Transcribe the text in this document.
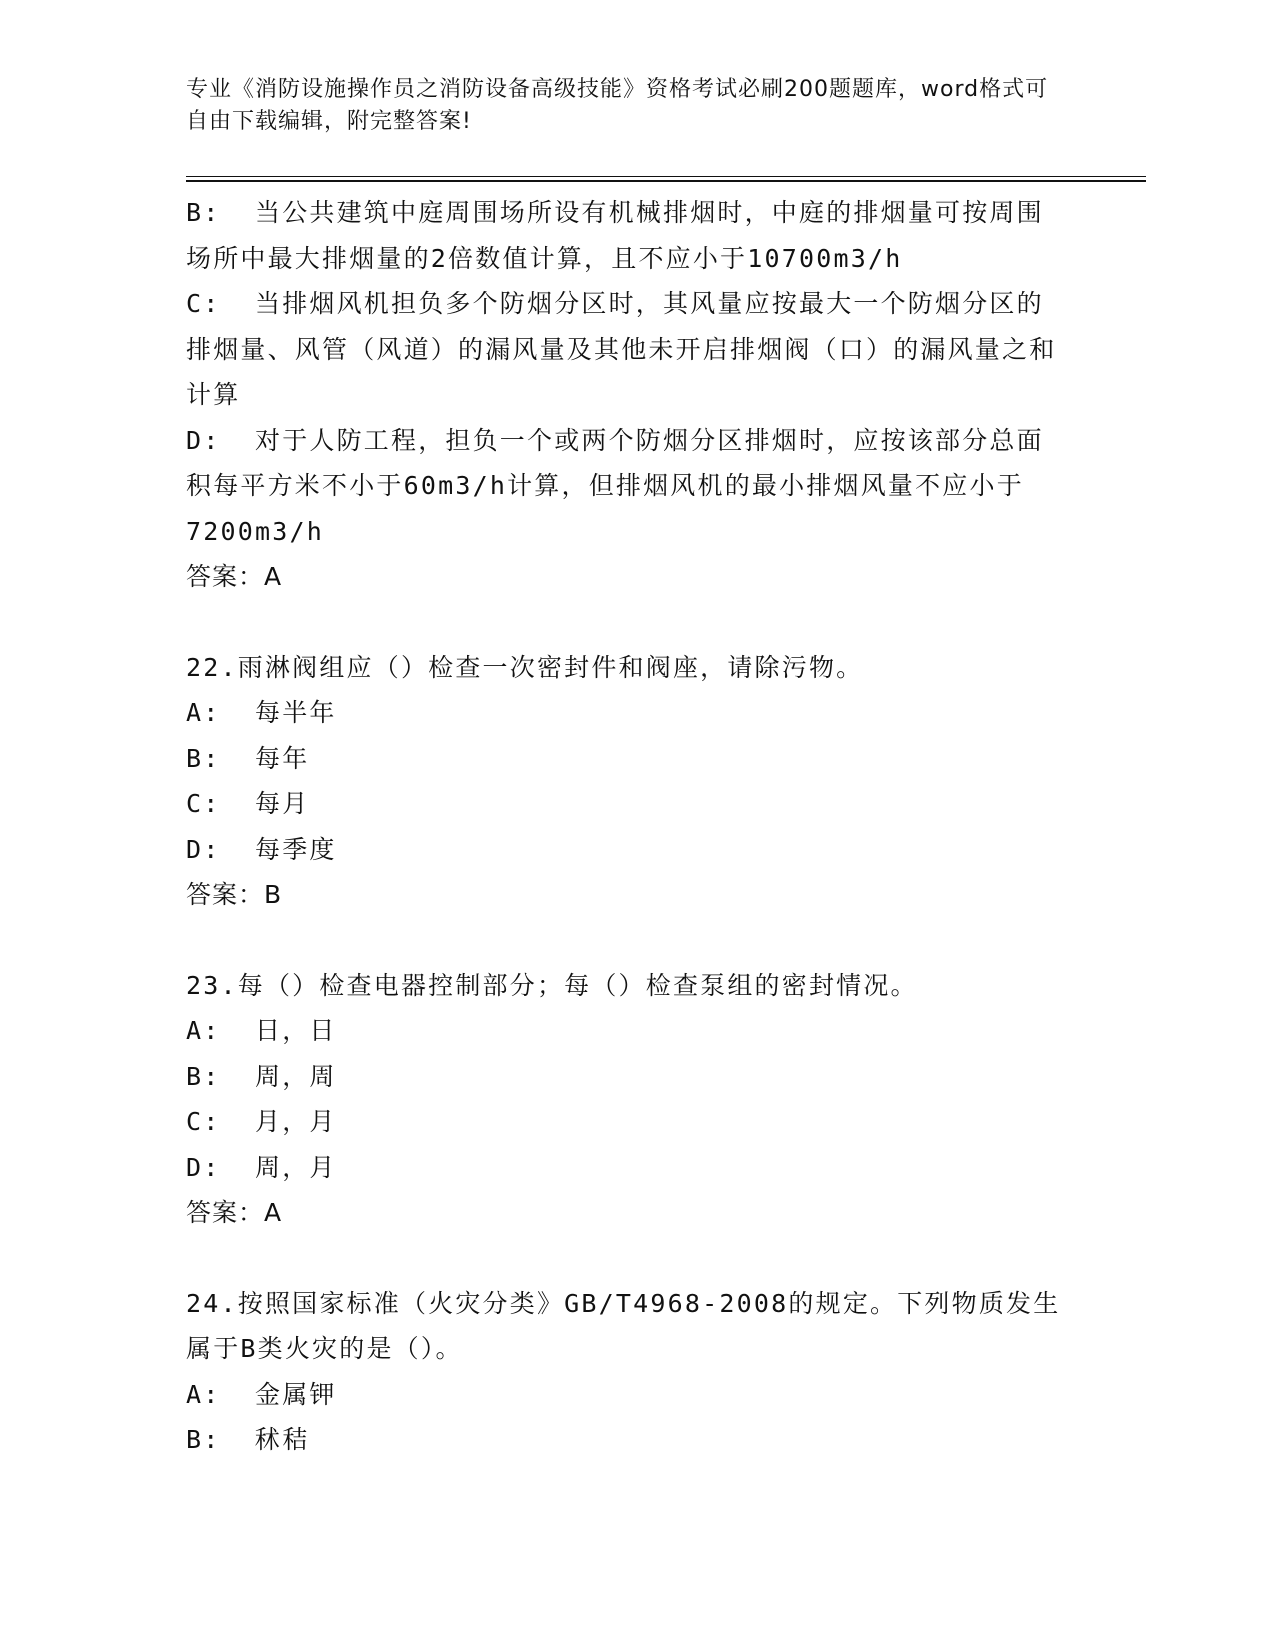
专业《消防设施操作员之消防设备高级技能》资格考试必刷200题题库，word格式可自由下载编辑，附完整答案!
B:  当公共建筑中庭周围场所设有机械排烟时，中庭的排烟量可按周围场所中最大排烟量的2倍数值计算，且不应小于10700m3/h
C:  当排烟风机担负多个防烟分区时，其风量应按最大一个防烟分区的排烟量、风管（风道）的漏风量及其他未开启排烟阀（口）的漏风量之和计算
D:  对于人防工程，担负一个或两个防烟分区排烟时，应按该部分总面积每平方米不小于60m3/h计算，但排烟风机的最小排烟风量不应小于7200m3/h
答案：A
22.雨淋阀组应（）检查一次密封件和阀座，请除污物。
A:  每半年
B:  每年
C:  每月
D:  每季度
答案：B
23.每（）检查电器控制部分；每（）检查泵组的密封情况。
A:  日，日
B:  周，周
C:  月，月
D:  周，月
答案：A
24.按照国家标准（火灾分类》GB/T4968-2008的规定。下列物质发生属于B类火灾的是（）。
A:  金属钾
B:  秫秸
